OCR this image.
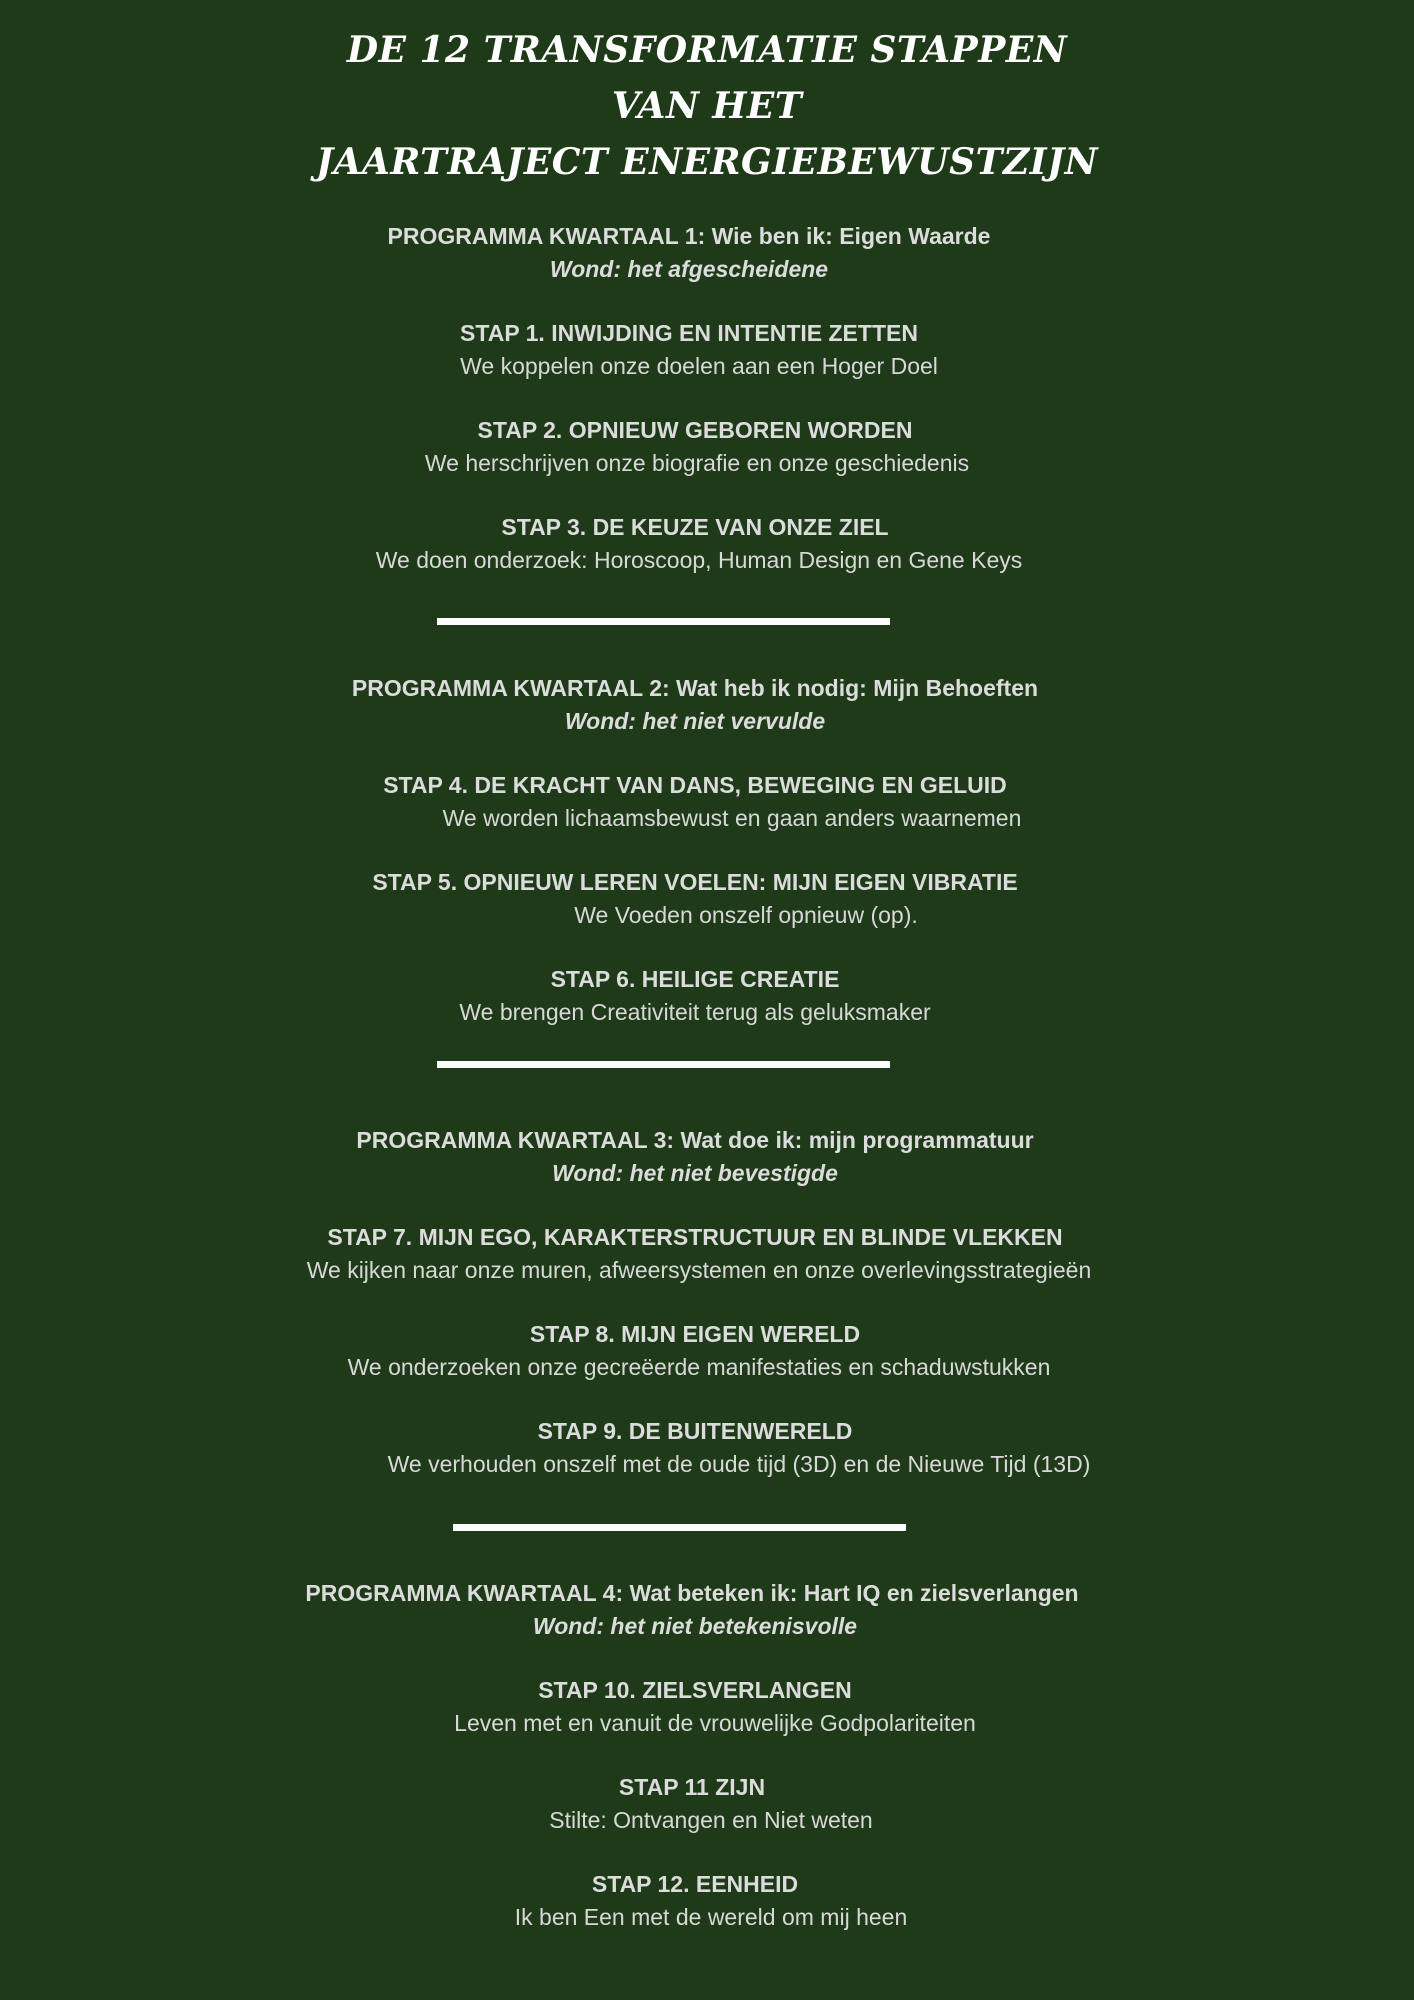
DE 12 TRANSFORMATIE STAPPEN
VAN HET
JAARTRAJECT ENERGIEBEWUSTZIJN
PROGRAMMA KWARTAAL 1: Wie ben ik: Eigen Waarde
Wond: het afgescheidene
STAP 1. INWIJDING EN INTENTIE ZETTEN
We koppelen onze doelen aan een Hoger Doel
STAP 2. OPNIEUW GEBOREN WORDEN
We herschrijven onze biografie en onze geschiedenis
STAP 3. DE KEUZE VAN ONZE ZIEL
We doen onderzoek: Horoscoop, Human Design en Gene Keys
PROGRAMMA KWARTAAL 2: Wat heb ik nodig: Mijn Behoeften
Wond: het niet vervulde
STAP 4. DE KRACHT VAN DANS, BEWEGING EN GELUID
We worden lichaamsbewust en gaan anders waarnemen
STAP 5. OPNIEUW LEREN VOELEN: MIJN EIGEN VIBRATIE
We Voeden onszelf opnieuw (op).
STAP 6. HEILIGE CREATIE
We brengen Creativiteit terug als geluksmaker
PROGRAMMA KWARTAAL 3: Wat doe ik: mijn programmatuur
Wond: het niet bevestigde
STAP 7. MIJN EGO, KARAKTERSTRUCTUUR EN BLINDE VLEKKEN
We kijken naar onze muren, afweersystemen en onze overlevingsstrategieën
STAP 8. MIJN EIGEN WERELD
We onderzoeken onze gecreëerde manifestaties en schaduwstukken
STAP 9. DE BUITENWERELD
We verhouden onszelf met de oude tijd (3D) en de Nieuwe Tijd (13D)
PROGRAMMA KWARTAAL 4: Wat beteken ik: Hart IQ en zielsverlangen
Wond: het niet betekenisvolle
STAP 10. ZIELSVERLANGEN
Leven met en vanuit de vrouwelijke Godpolariteiten
STAP 11 ZIJN
Stilte: Ontvangen en Niet weten
STAP 12. EENHEID
Ik ben Een met de wereld om mij heen
